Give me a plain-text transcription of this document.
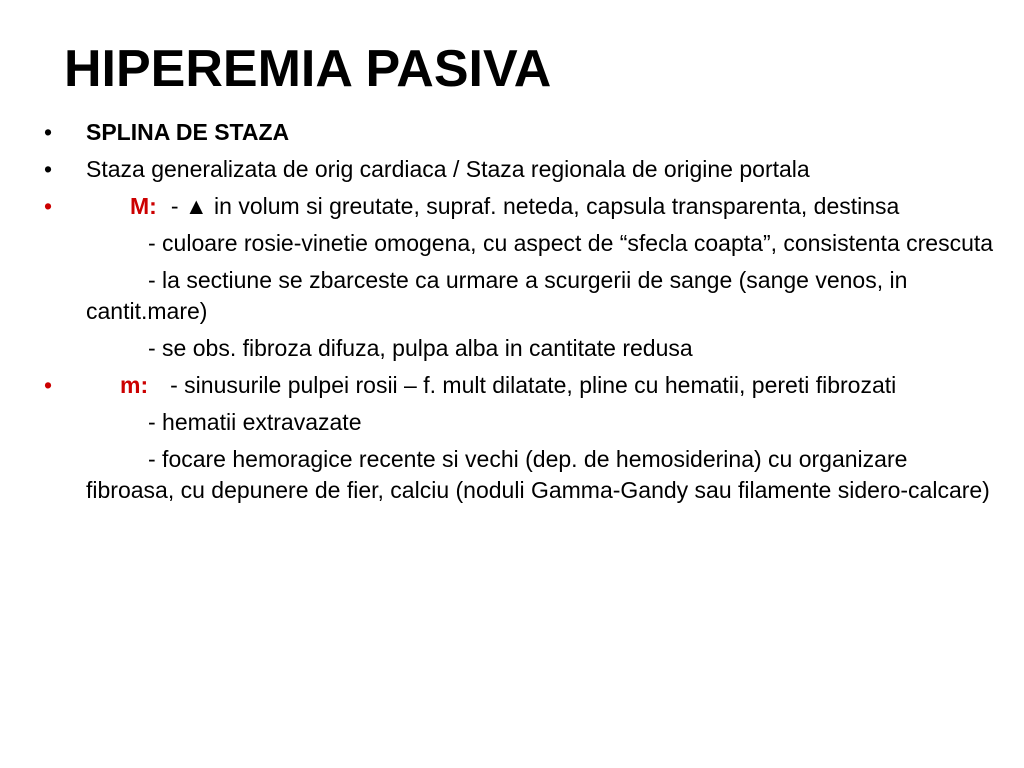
HIPEREMIA PASIVA
•	SPLINA DE STAZA
•	Staza generalizata de orig cardiaca / Staza regionala de origine portala
•	M: - ▲ in volum si greutate, supraf. neteda, capsula transparenta, destinsa
- culoare rosie-vinetie omogena, cu aspect de “sfecla coapta”, consistenta crescuta
- la sectiune se zbarceste ca urmare a scurgerii de sange (sange venos, in cantit.mare)
- se obs. fibroza difuza, pulpa alba in cantitate redusa
•	m: - sinusurile pulpei rosii – f. mult dilatate, pline cu hematii, pereti fibrozati
- hematii extravazate
- focare hemoragice recente si vechi (dep. de hemosiderina) cu organizare fibroasa, cu depunere de fier, calciu (noduli Gamma-Gandy sau filamente sidero-calcare)
